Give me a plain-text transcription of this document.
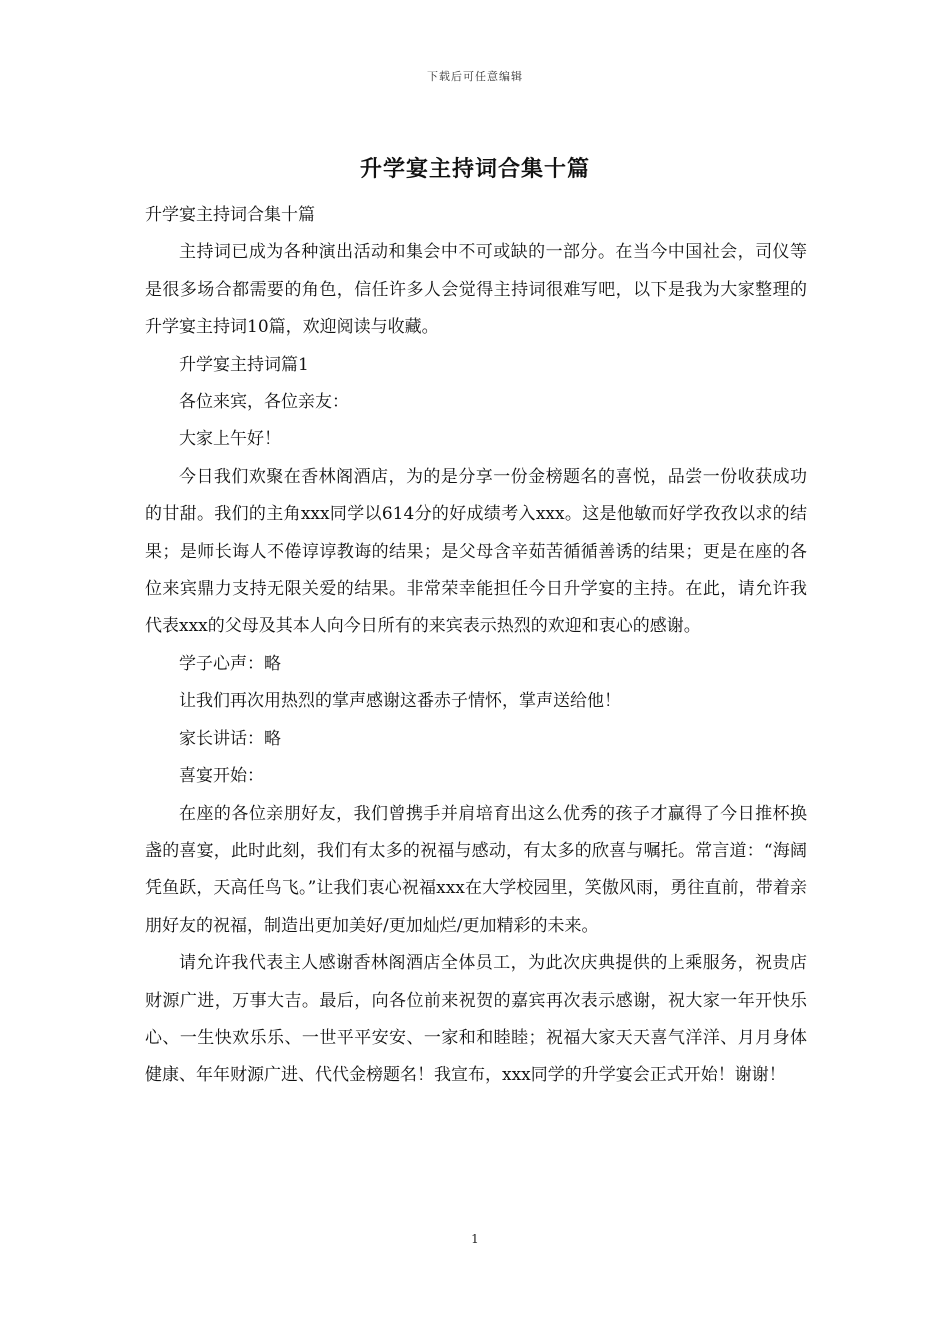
下载后可任意编辑
升学宴主持词合集十篇

升学宴主持词合集十篇

主持词已成为各种演出活动和集会中不可或缺的一部分。在当今中国社会，司仪等是很多场合都需要的角色，信任许多人会觉得主持词很难写吧，以下是我为大家整理的升学宴主持词10篇，欢迎阅读与收藏。

升学宴主持词篇1

各位来宾，各位亲友：

大家上午好！

今日我们欢聚在香林阁酒店，为的是分享一份金榜题名的喜悦，品尝一份收获成功的甘甜。我们的主角xxx同学以614分的好成绩考入xxx。这是他敏而好学孜孜以求的结果；是师长诲人不倦谆谆教诲的结果；是父母含辛茹苦循循善诱的结果；更是在座的各位来宾鼎力支持无限关爱的结果。非常荣幸能担任今日升学宴的主持。在此，请允许我代表xxx的父母及其本人向今日所有的来宾表示热烈的欢迎和衷心的感谢。

学子心声：略

让我们再次用热烈的掌声感谢这番赤子情怀，掌声送给他！

家长讲话：略

喜宴开始：

在座的各位亲朋好友，我们曾携手并肩培育出这么优秀的孩子才赢得了今日推杯换盏的喜宴，此时此刻，我们有太多的祝福与感动，有太多的欣喜与嘱托。常言道：“海阔凭鱼跃，天高任鸟飞。”让我们衷心祝福xxx在大学校园里，笑傲风雨，勇往直前，带着亲朋好友的祝福，制造出更加美好/更加灿烂/更加精彩的未来。

请允许我代表主人感谢香林阁酒店全体员工，为此次庆典提供的上乘服务，祝贵店财源广进，万事大吉。最后，向各位前来祝贺的嘉宾再次表示感谢，祝大家一年开快乐心、一生快欢乐乐、一世平平安安、一家和和睦睦；祝福大家天天喜气洋洋、月月身体健康、年年财源广进、代代金榜题名！我宣布，xxx同学的升学宴会正式开始！谢谢！

1
